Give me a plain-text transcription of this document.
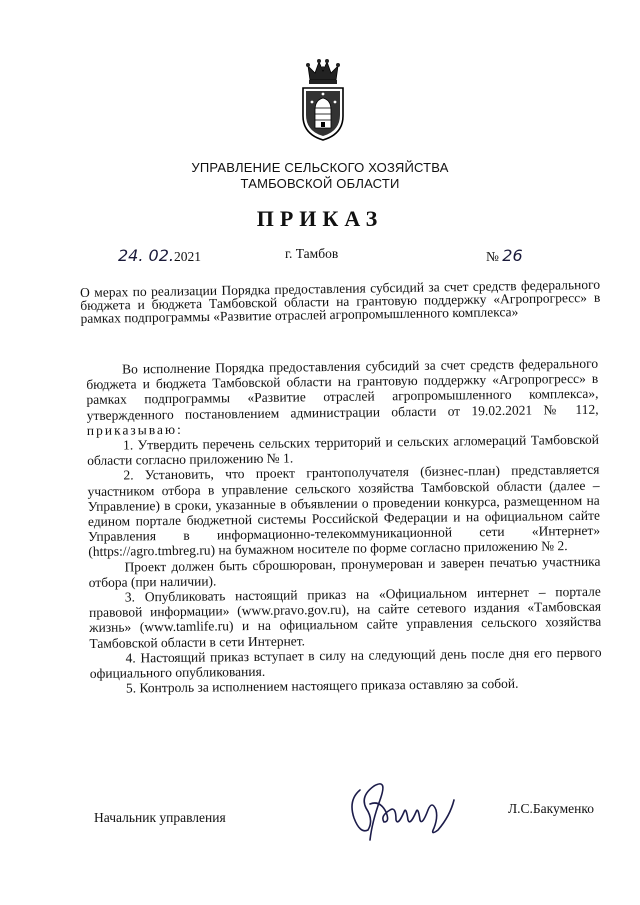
УПРАВЛЕНИЕ СЕЛЬСКОГО ХОЗЯЙСТВА
ТАМБОВСКОЙ ОБЛАСТИ
ПРИКАЗ
24. 02.2021	г. Тамбов	№ 26
О мерах по реализации Порядка предоставления субсидий за счет средств федерального бюджета и бюджета Тамбовской области на грантовую поддержку «Агропрогресс» в рамках подпрограммы «Развитие отраслей агропромышленного комплекса»

Во исполнение Порядка предоставления субсидий за счет средств федерального бюджета и бюджета Тамбовской области на грантовую поддержку «Агропрогресс» в рамках подпрограммы «Развитие отраслей агропромышленного комплекса», утвержденного постановлением администрации области от 19.02.2021 № 112, приказываю:

1. Утвердить перечень сельских территорий и сельских агломераций Тамбовской области согласно приложению № 1.

2. Установить, что проект грантополучателя (бизнес-план) представляется участником отбора в управление сельского хозяйства Тамбовской области (далее – Управление) в сроки, указанные в объявлении о проведении конкурса, размещенном на едином портале бюджетной системы Российской Федерации и на официальном сайте Управления в информационно-телекоммуникационной сети «Интернет» (https://agro.tmbreg.ru) на бумажном носителе по форме согласно приложению № 2.

Проект должен быть сброшюрован, пронумерован и заверен печатью участника отбора (при наличии).

3. Опубликовать настоящий приказ на «Официальном интернет – портале правовой информации» (www.pravo.gov.ru), на сайте сетевого издания «Тамбовская жизнь» (www.tamlife.ru) и на официальном сайте управления сельского хозяйства Тамбовской области в сети Интернет.

4. Настоящий приказ вступает в силу на следующий день после дня его первого официального опубликования.

5. Контроль за исполнением настоящего приказа оставляю за собой.

Начальник управления
Л.С.Бакуменко
